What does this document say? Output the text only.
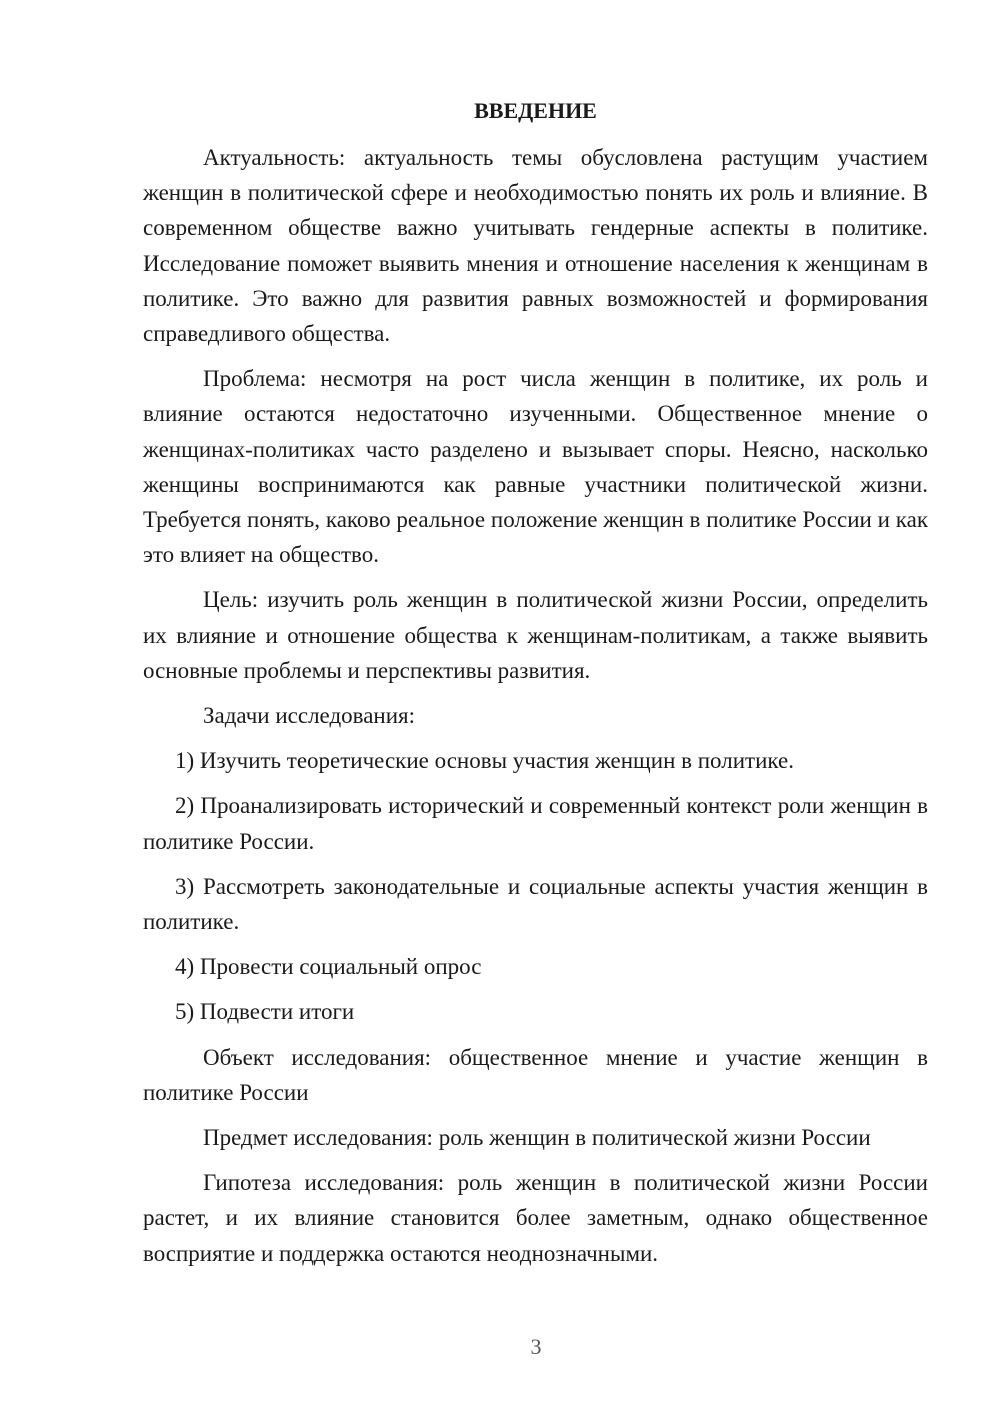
ВВЕДЕНИЕ

Актуальность: актуальность темы обусловлена растущим участием женщин в политической сфере и необходимостью понять их роль и влияние. В современном обществе важно учитывать гендерные аспекты в политике. Исследование поможет выявить мнения и отношение населения к женщинам в политике. Это важно для развития равных возможностей и формирования справедливого общества.

Проблема: несмотря на рост числа женщин в политике, их роль и влияние остаются недостаточно изученными. Общественное мнение о женщинах-политиках часто разделено и вызывает споры. Неясно, насколько женщины воспринимаются как равные участники политической жизни. Требуется понять, каково реальное положение женщин в политике России и как это влияет на общество.

Цель: изучить роль женщин в политической жизни России, определить их влияние и отношение общества к женщинам-политикам, а также выявить основные проблемы и перспективы развития.

Задачи исследования:

1) Изучить теоретические основы участия женщин в политике.

2) Проанализировать исторический и современный контекст роли женщин в политике России.

3) Рассмотреть законодательные и социальные аспекты участия женщин в политике.

4) Провести социальный опрос

5) Подвести итоги

Объект исследования: общественное мнение и участие женщин в политике России

Предмет исследования: роль женщин в политической жизни России

Гипотеза исследования: роль женщин в политической жизни России растет, и их влияние становится более заметным, однако общественное восприятие и поддержка остаются неоднозначными.

3
